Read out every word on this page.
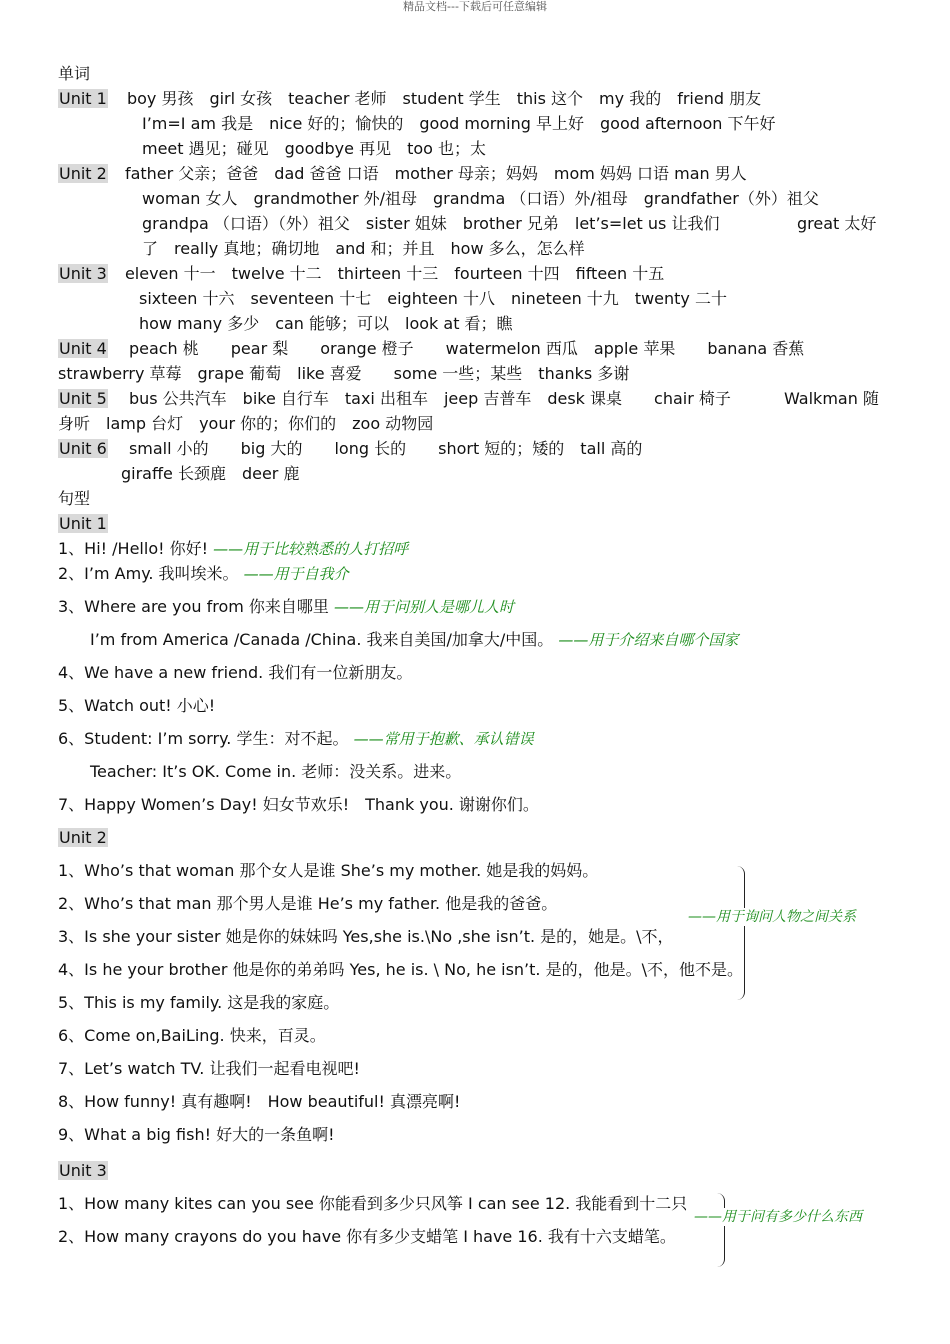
精品文档---下载后可任意编辑
单词
Unit 1 boy 男孩　girl 女孩　teacher 老师　student 学生　this 这个　my 我的　friend 朋友
I’m=I am 我是　nice 好的；愉快的　good morning 早上好　good afternoon 下午好
meet 遇见；碰见　goodbye 再见　too 也；太
Unit 2 father 父亲；爸爸　dad 爸爸 口语　mother 母亲；妈妈　mom 妈妈 口语 man 男人
woman 女人　grandmother 外/祖母　grandma （口语）外/祖母　grandfather（外）祖父
grandpa （口语）（外）祖父　sister 姐妹　brother 兄弟　let’s=let us 让我们	great 太好
了　really 真地；确切地　and 和；并且　how 多么，怎么样
Unit 3 eleven 十一　twelve 十二　thirteen 十三　fourteen 十四　fifteen 十五
sixteen 十六　seventeen 十七　eighteen 十八　nineteen 十九　twenty 二十
how many 多少　can 能够；可以　look at 看；瞧
Unit 4 peach 桃　　pear 梨　　orange 橙子　　watermelon 西瓜　apple 苹果　　banana 香蕉
strawberry 草莓　grape 葡萄　like 喜爱　　some 一些；某些　thanks 多谢
Unit 5 bus 公共汽车　bike 自行车　taxi 出租车　jeep 吉普车　desk 课桌　　chair 椅子	Walkman 随
身听　lamp 台灯　your 你的；你们的　zoo 动物园
Unit 6 small 小的　　big 大的　　long 长的　　short 短的；矮的　tall 高的
giraffe 长颈鹿　deer 鹿
句型
Unit 1
1、Hi! /Hello! 你好! ——用于比较熟悉的人打招呼
2、I’m Amy. 我叫埃米。 ——用于自我介
3、Where are you from 你来自哪里 ——用于问别人是哪儿人时
I’m from America /Canada /China. 我来自美国/加拿大/中国。 ——用于介绍来自哪个国家
4、We have a new friend. 我们有一位新朋友。
5、Watch out! 小心!
6、Student: I’m sorry. 学生：对不起。 ——常用于抱歉、承认错误
Teacher: It’s OK. Come in. 老师：没关系。进来。
7、Happy Women’s Day! 妇女节欢乐!　Thank you. 谢谢你们。
Unit 2
1、Who’s that woman 那个女人是谁 She’s my mother. 她是我的妈妈。
2、Who’s that man 那个男人是谁 He’s my father. 他是我的爸爸。
3、Is she your sister 她是你的妹妹吗 Yes,she is.\No ,she isn’t. 是的，她是。\不，
4、Is he your brother 他是你的弟弟吗 Yes, he is. \ No, he isn’t. 是的，他是。\不，他不是。
5、This is my family. 这是我的家庭。
6、Come on,BaiLing. 快来，百灵。
7、Let’s watch TV. 让我们一起看电视吧!
8、How funny! 真有趣啊!　How beautiful! 真漂亮啊!
9、What a big fish! 好大的一条鱼啊!
——用于询问人物之间关系
Unit 3
1、How many kites can you see 你能看到多少只风筝 I can see 12. 我能看到十二只
2、How many crayons do you have 你有多少支蜡笔 I have 16. 我有十六支蜡笔。
——用于问有多少什么东西
